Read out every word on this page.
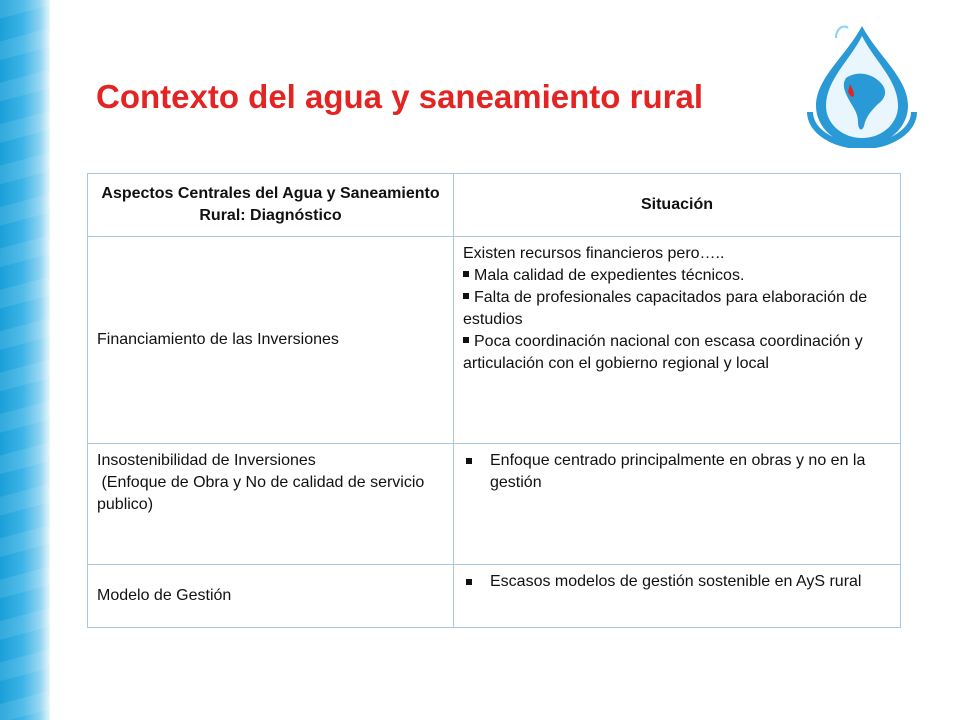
Contexto del agua y saneamiento rural
Aspectos Centrales del Agua y Saneamiento Rural: Diagnóstico	Situación
Financiamiento de las Inversiones	Existen recursos financieros pero…..
Mala calidad de expedientes técnicos.
Falta de profesionales capacitados para elaboración de estudios
Poca coordinación nacional con escasa coordinación y articulación con el gobierno regional y local

Insostenibilidad de Inversiones
(Enfoque de Obra y No de calidad de servicio publico)	Enfoque centrado principalmente en obras y no en la gestión

Modelo de Gestión	Escasos modelos de gestión sostenible en AyS rural
